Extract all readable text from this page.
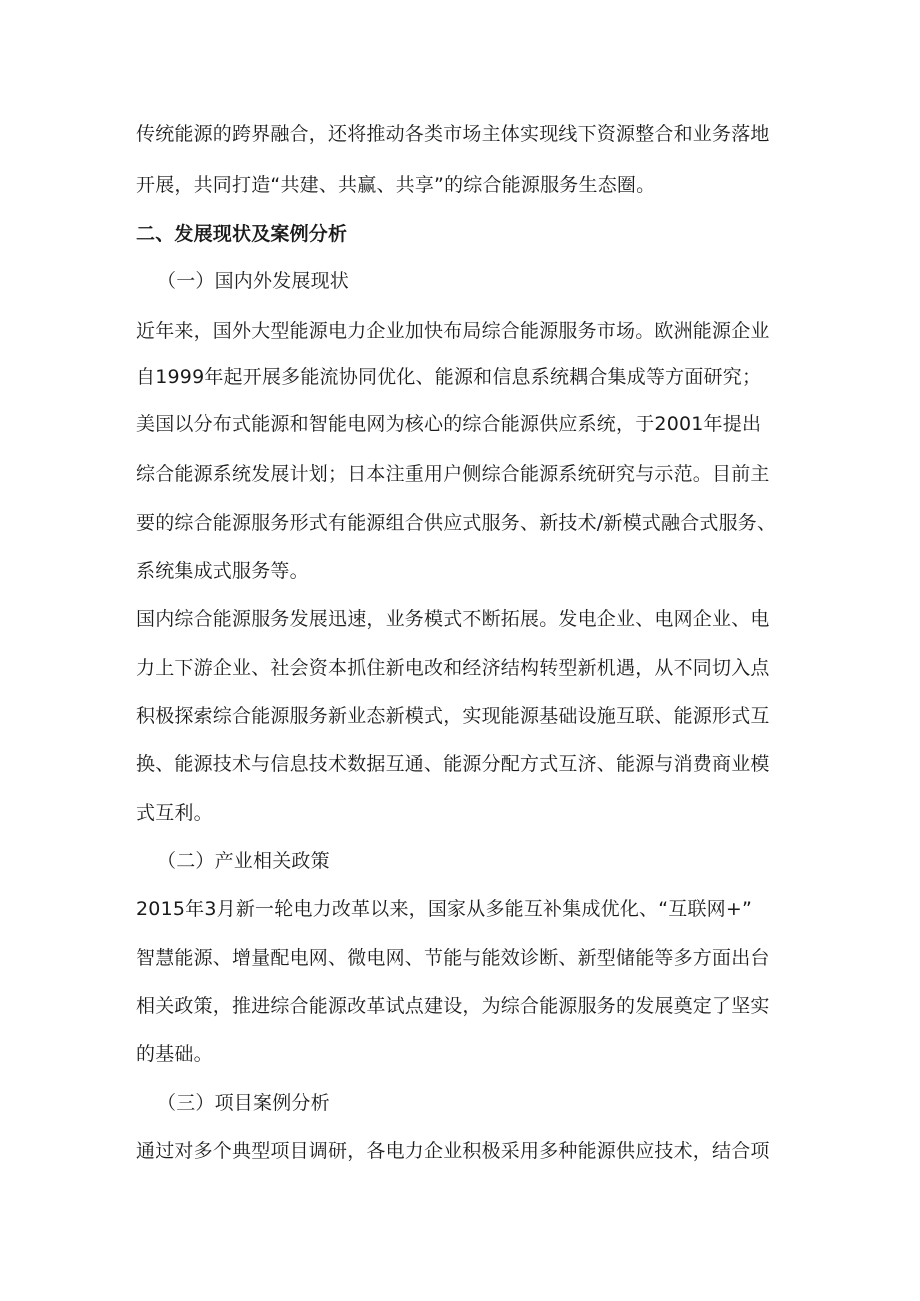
传统能源的跨界融合，还将推动各类市场主体实现线下资源整合和业务落地
开展，共同打造“共建、共赢、共享”的综合能源服务生态圈。
二、发展现状及案例分析
（一）国内外发展现状
近年来，国外大型能源电力企业加快布局综合能源服务市场。欧洲能源企业
自1999年起开展多能流协同优化、能源和信息系统耦合集成等方面研究；
美国以分布式能源和智能电网为核心的综合能源供应系统，于2001年提出
综合能源系统发展计划；日本注重用户侧综合能源系统研究与示范。目前主
要的综合能源服务形式有能源组合供应式服务、新技术/新模式融合式服务、
系统集成式服务等。
国内综合能源服务发展迅速，业务模式不断拓展。发电企业、电网企业、电
力上下游企业、社会资本抓住新电改和经济结构转型新机遇，从不同切入点
积极探索综合能源服务新业态新模式，实现能源基础设施互联、能源形式互
换、能源技术与信息技术数据互通、能源分配方式互济、能源与消费商业模
式互利。
（二）产业相关政策
2015年3月新一轮电力改革以来，国家从多能互补集成优化、“互联网+”
智慧能源、增量配电网、微电网、节能与能效诊断、新型储能等多方面出台
相关政策，推进综合能源改革试点建设，为综合能源服务的发展奠定了坚实
的基础。
（三）项目案例分析
通过对多个典型项目调研，各电力企业积极采用多种能源供应技术，结合项
